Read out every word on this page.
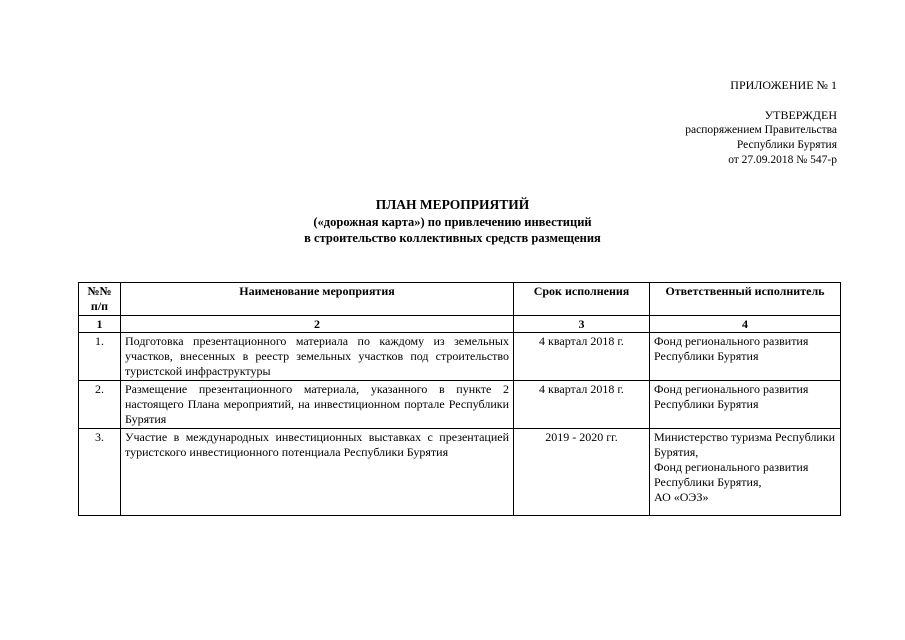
ПРИЛОЖЕНИЕ № 1
УТВЕРЖДЕН
распоряжением Правительства
Республики Бурятия
от 27.09.2018 № 547-р
ПЛАН МЕРОПРИЯТИЙ
(«дорожная карта») по привлечению инвестиций
в строительство коллективных средств размещения
№№ п/п	Наименование мероприятия	Срок исполнения	Ответственный исполнитель
1	2	3	4
1.	Подготовка презентационного материала по каждому из земельных участков, внесенных в реестр земельных участков под строительство туристской инфраструктуры	4 квартал 2018 г.	Фонд регионального развития Республики Бурятия

2.	Размещение презентационного материала, указанного в пункте 2 настоящего Плана мероприятий, на инвестиционном портале Республики Бурятия	4 квартал 2018 г.	Фонд регионального развития Республики Бурятия

3.	Участие в международных инвестиционных выставках с презентацией туристского инвестиционного потенциала Республики Бурятия	2019 - 2020 гг.	Министерство туризма Республики Бурятия,
Фонд регионального развития Республики Бурятия,
АО «ОЭЗ»
